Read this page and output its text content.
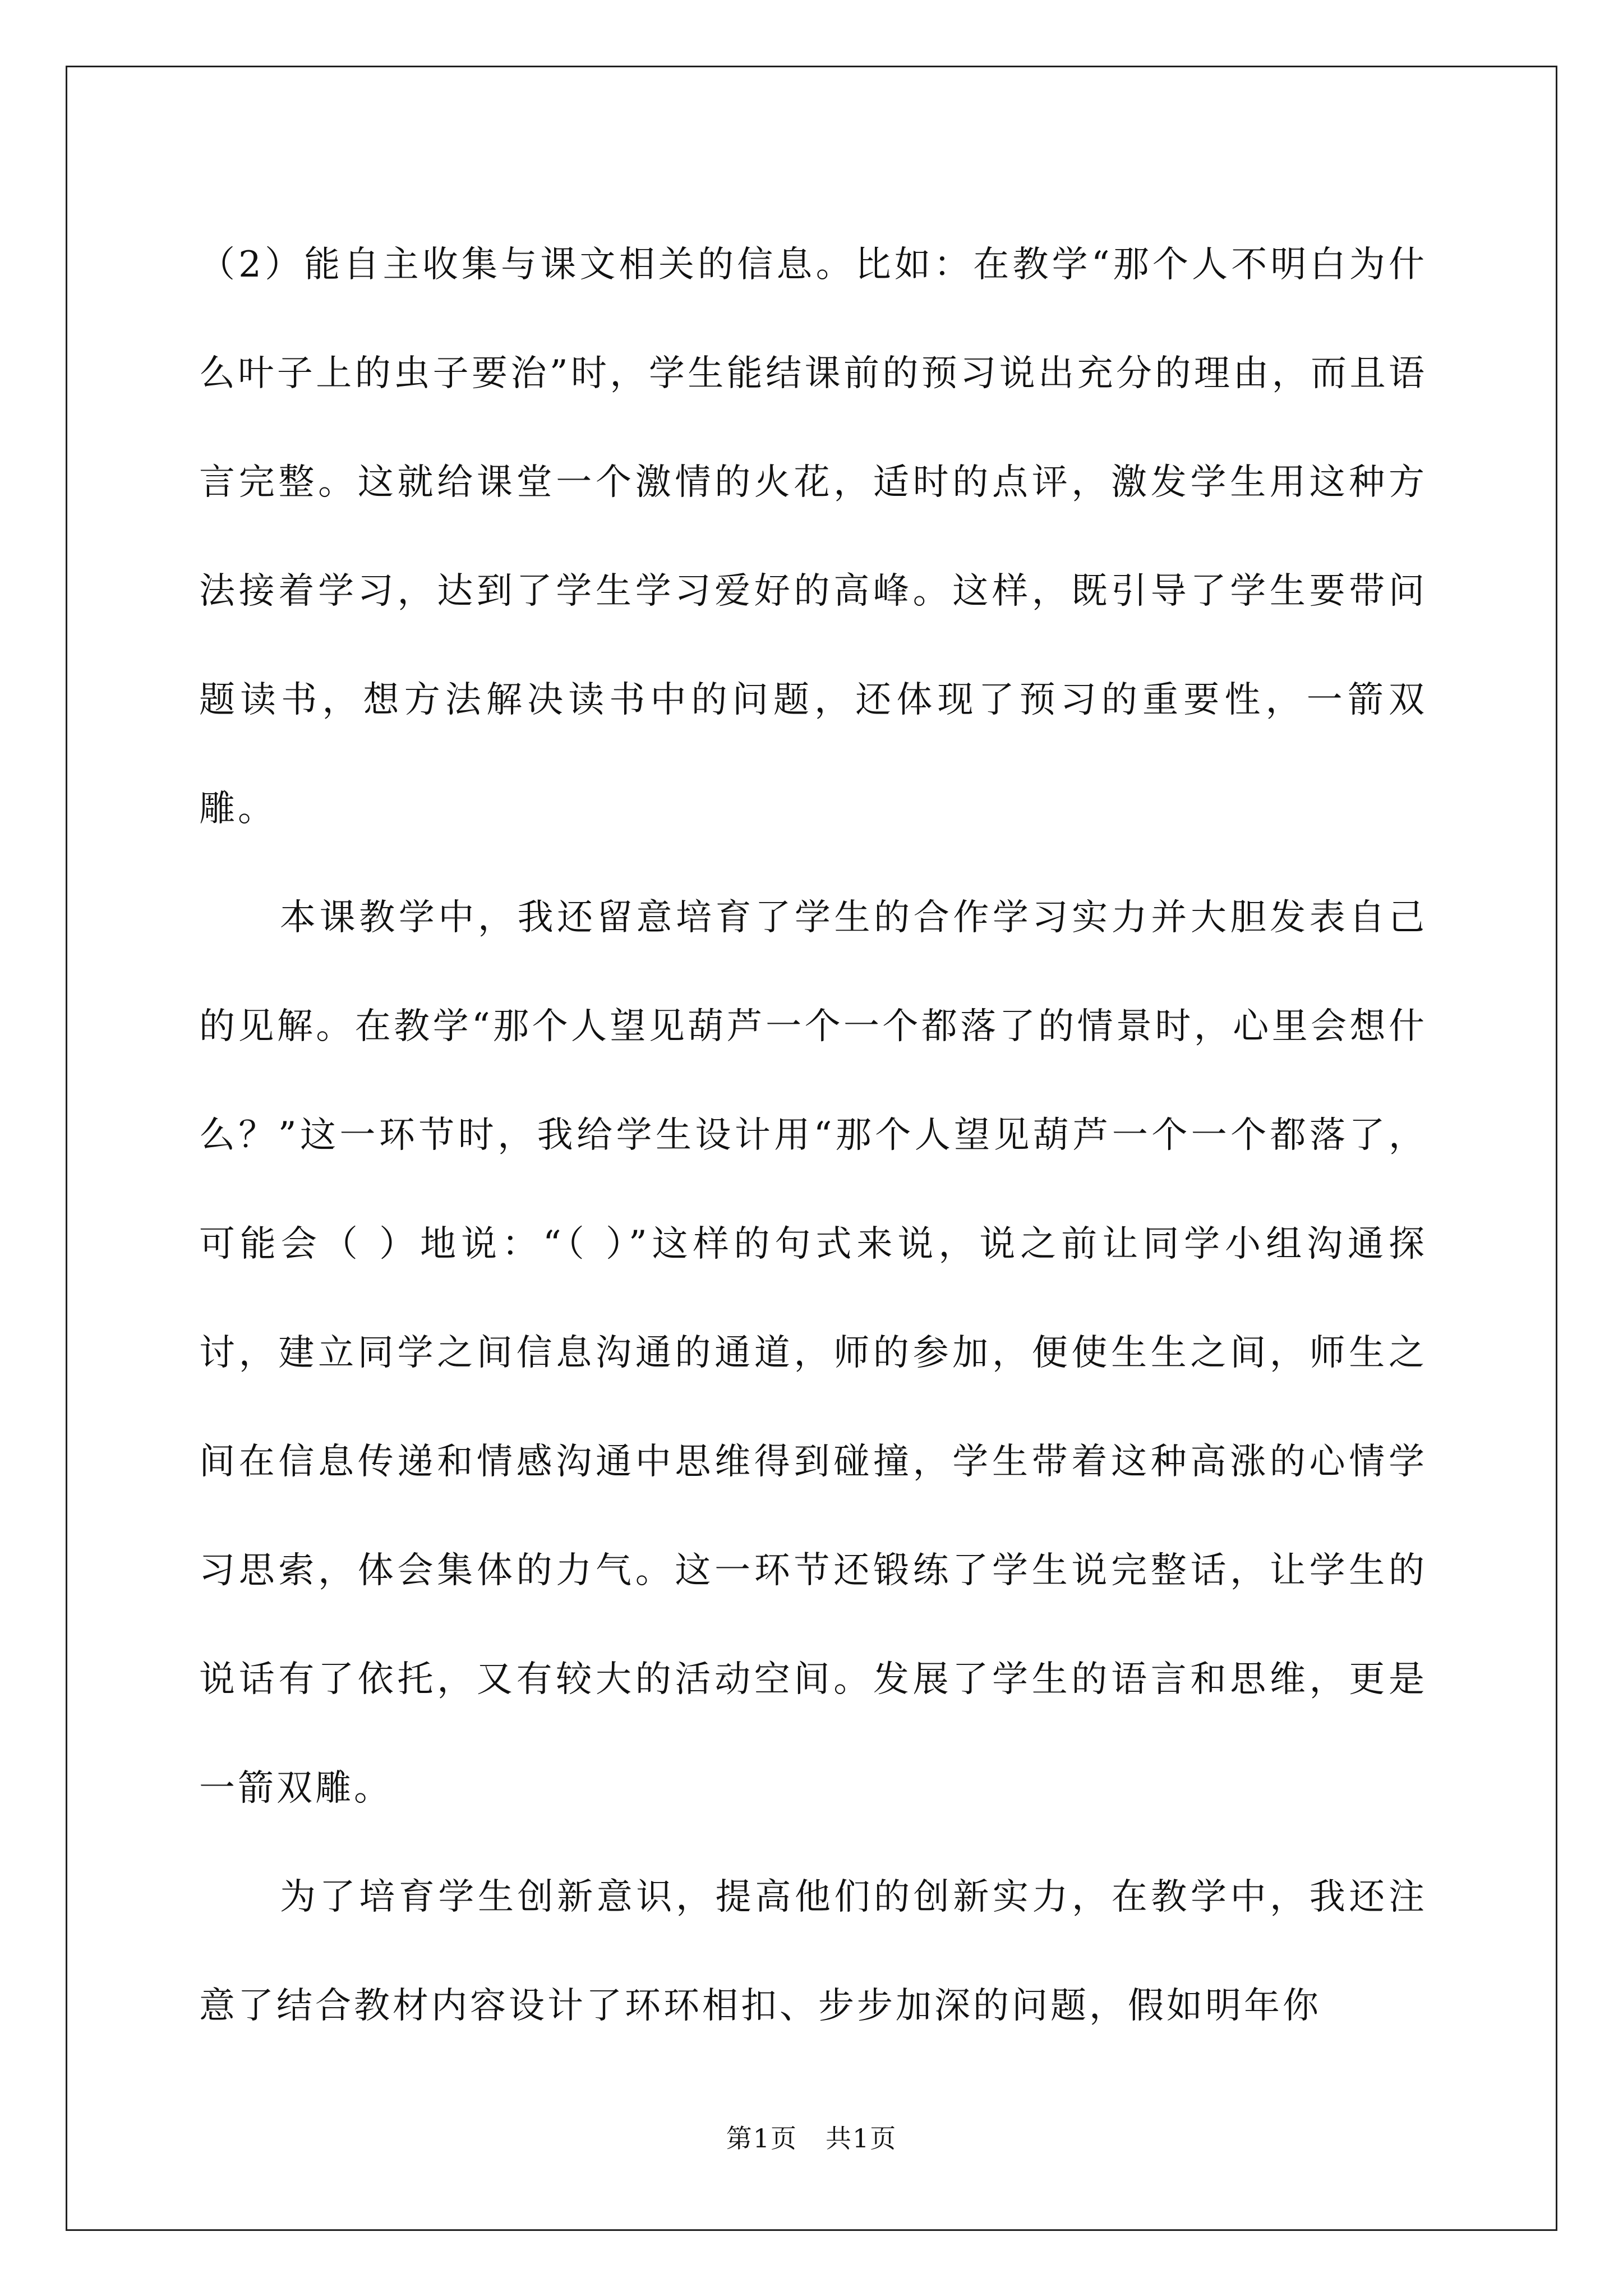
（2）能自主收集与课文相关的信息。比如：在教学“那个人不明白为什么叶子上的虫子要治”时，学生能结课前的预习说出充分的理由，而且语言完整。这就给课堂一个激情的火花，适时的点评，激发学生用这种方法接着学习，达到了学生学习爱好的高峰。这样，既引导了学生要带问题读书，想方法解决读书中的问题，还体现了预习的重要性，一箭双雕。

本课教学中，我还留意培育了学生的合作学习实力并大胆发表自己的见解。在教学“那个人望见葫芦一个一个都落了的情景时，心里会想什么？”这一环节时，我给学生设计用“那个人望见葫芦一个一个都落了，可能会（ ）地说：“（ ）”这样的句式来说，说之前让同学小组沟通探讨，建立同学之间信息沟通的通道，师的参加，便使生生之间，师生之间在信息传递和情感沟通中思维得到碰撞，学生带着这种高涨的心情学习思索，体会集体的力气。这一环节还锻练了学生说完整话，让学生的说话有了依托，又有较大的活动空间。发展了学生的语言和思维，更是一箭双雕。

为了培育学生创新意识，提高他们的创新实力，在教学中，我还注意了结合教材内容设计了环环相扣、步步加深的问题，假如明年你

第1页 共1页
